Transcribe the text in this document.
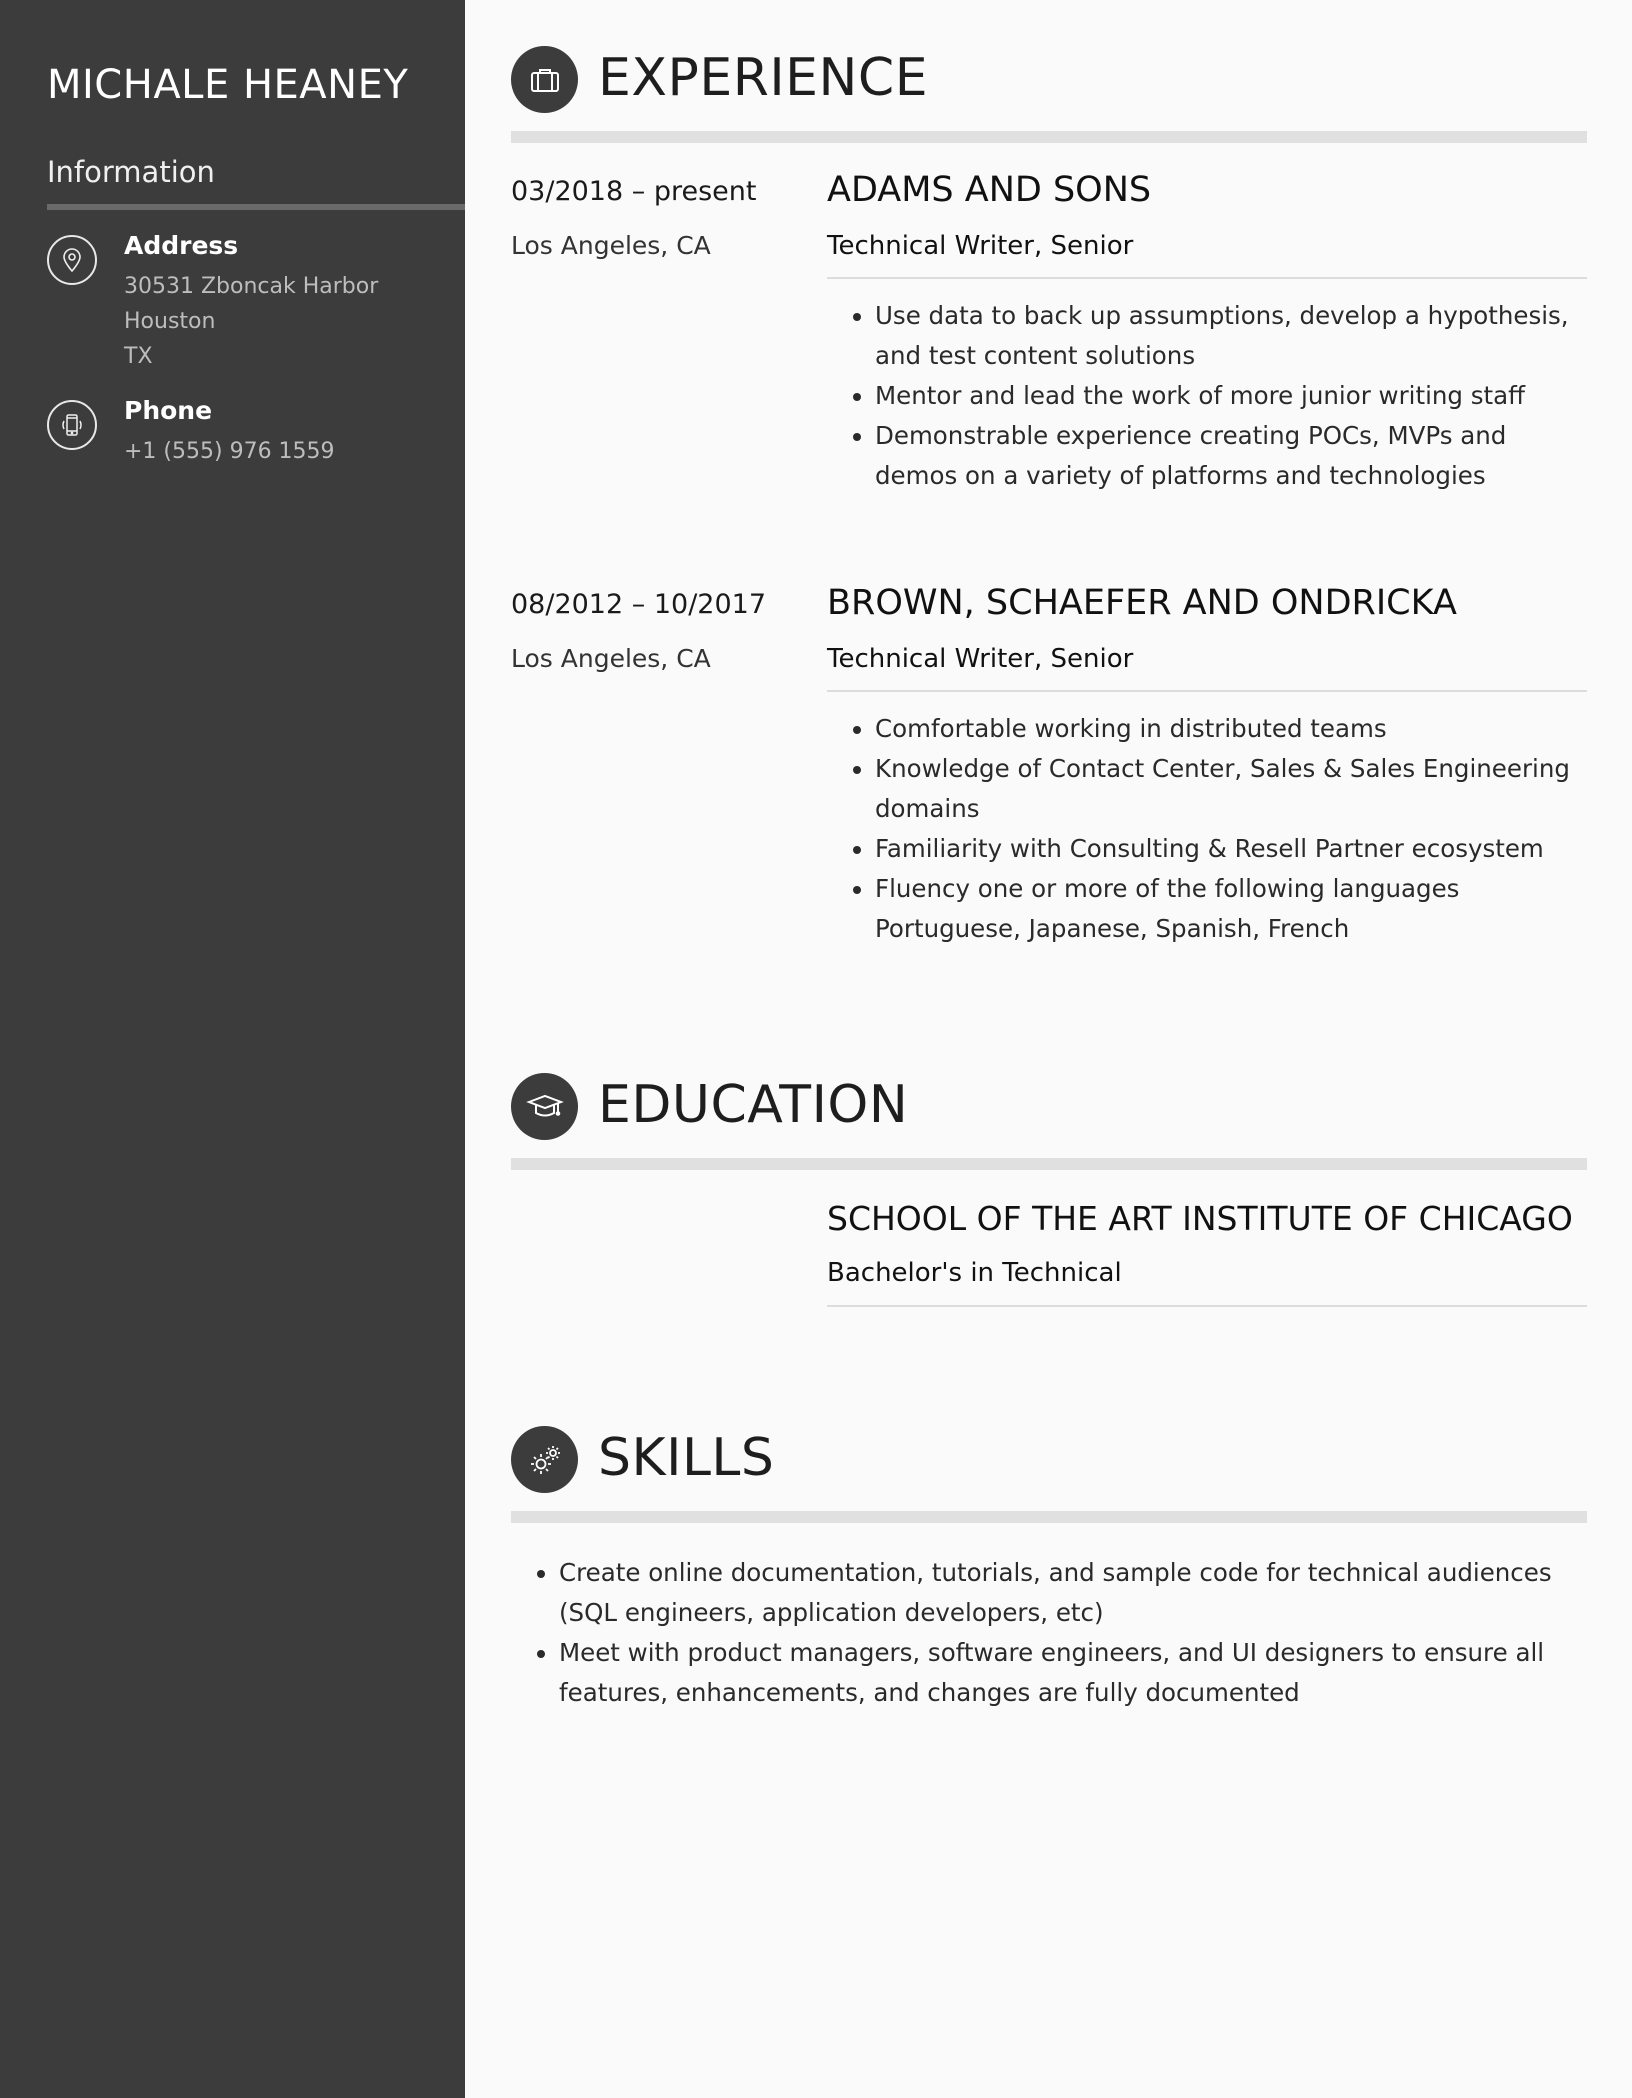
MICHALE HEANEY
Information
Address
30531 Zboncak Harbor
Houston
TX
Phone
+1 (555) 976 1559
EXPERIENCE
03/2018 – present
Los Angeles, CA
ADAMS AND SONS
Technical Writer, Senior
• Use data to back up assumptions, develop a hypothesis, and test content solutions
• Mentor and lead the work of more junior writing staff
• Demonstrable experience creating POCs, MVPs and demos on a variety of platforms and technologies
08/2012 – 10/2017
Los Angeles, CA
BROWN, SCHAEFER AND ONDRICKA
Technical Writer, Senior
• Comfortable working in distributed teams
• Knowledge of Contact Center, Sales & Sales Engineering domains
• Familiarity with Consulting & Resell Partner ecosystem
• Fluency one or more of the following languages Portuguese, Japanese, Spanish, French
EDUCATION
SCHOOL OF THE ART INSTITUTE OF CHICAGO
Bachelor's in Technical
SKILLS
• Create online documentation, tutorials, and sample code for technical audiences (SQL engineers, application developers, etc)
• Meet with product managers, software engineers, and UI designers to ensure all features, enhancements, and changes are fully documented
